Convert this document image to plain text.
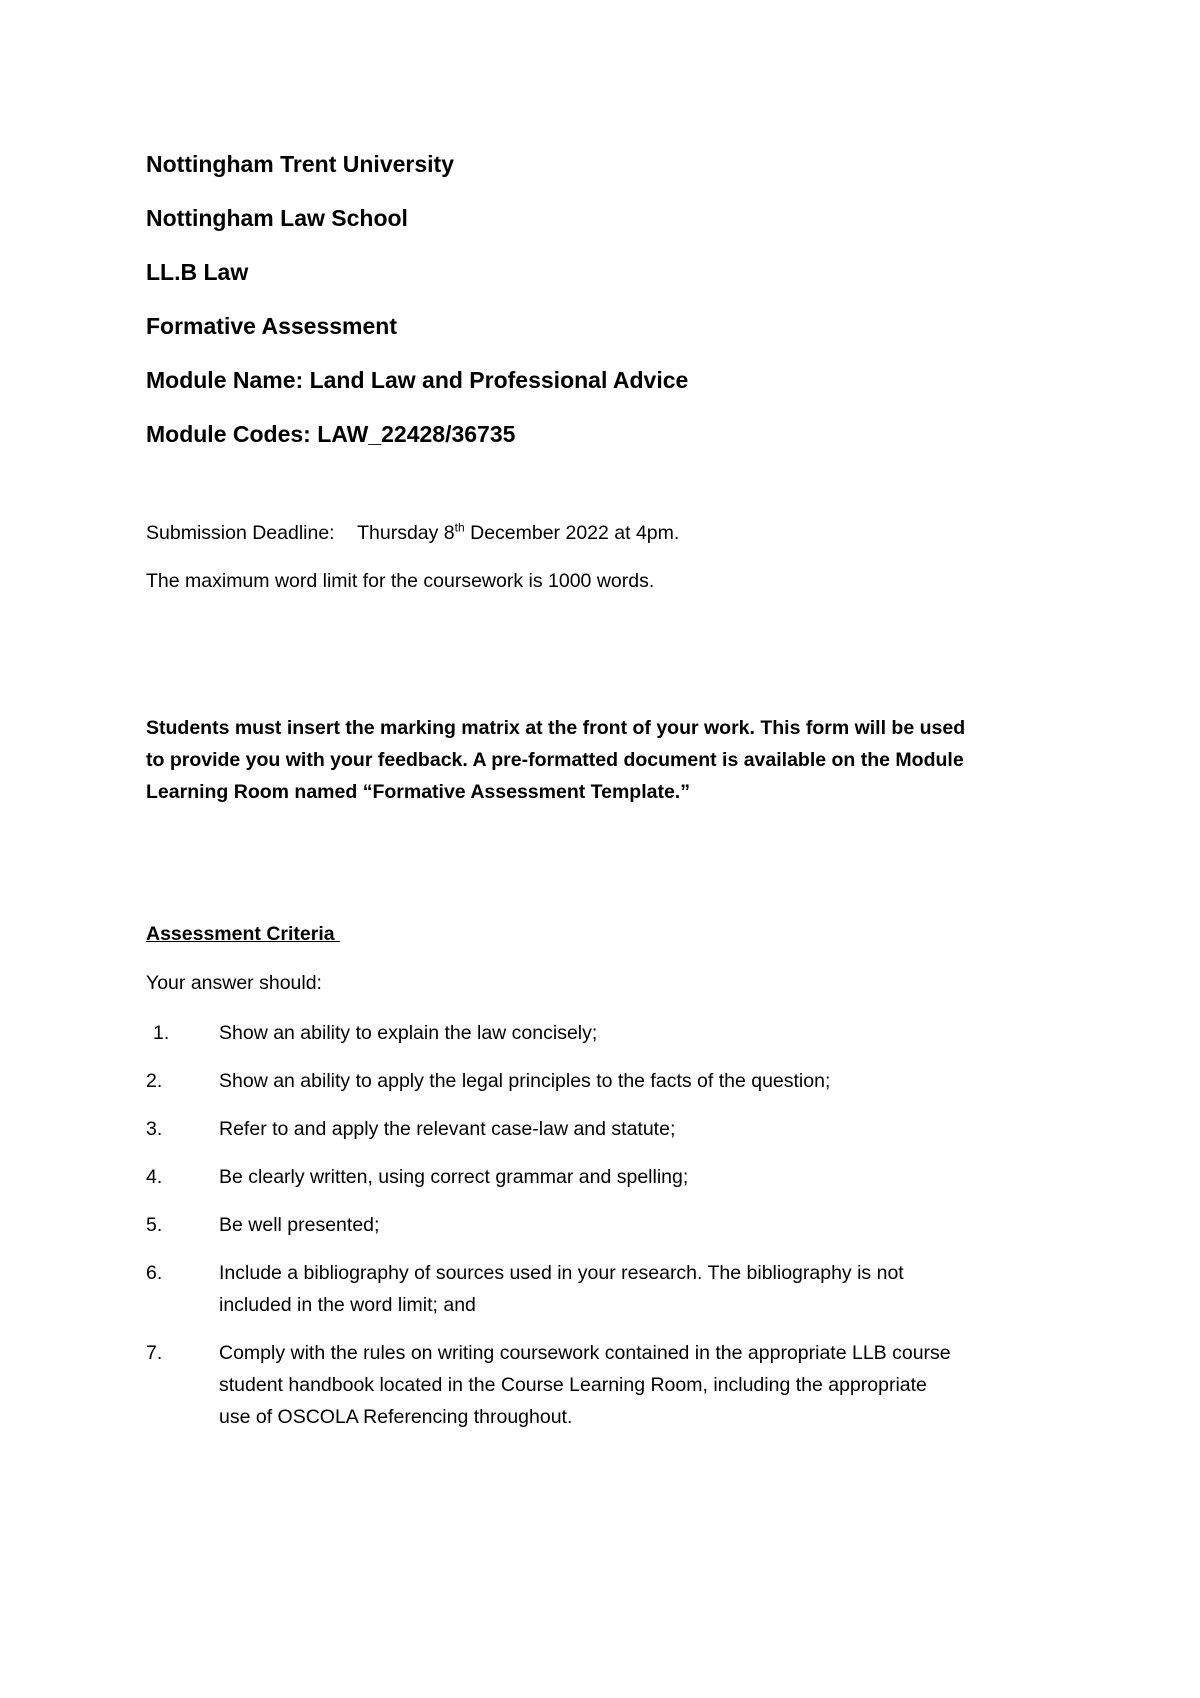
Nottingham Trent University
Nottingham Law School
LL.B Law
Formative Assessment
Module Name: Land Law and Professional Advice
Module Codes: LAW_22428/36735
Submission Deadline: Thursday 8th December 2022 at 4pm.
The maximum word limit for the coursework is 1000 words.

Students must insert the marking matrix at the front of your work. This form will be used

to provide you with your feedback. A pre-formatted document is available on the Module

Learning Room named “Formative Assessment Template.”

Assessment Criteria
Your answer should:
1.	Show an ability to explain the law concisely;

2.	Show an ability to apply the legal principles to the facts of the question;

3.	Refer to and apply the relevant case-law and statute;

4.	Be clearly written, using correct grammar and spelling;

5.	Be well presented;

6.	Include a bibliography of sources used in your research. The bibliography is not

included in the word limit; and

7.	Comply with the rules on writing coursework contained in the appropriate LLB course

student handbook located in the Course Learning Room, including the appropriate

use of OSCOLA Referencing throughout.
